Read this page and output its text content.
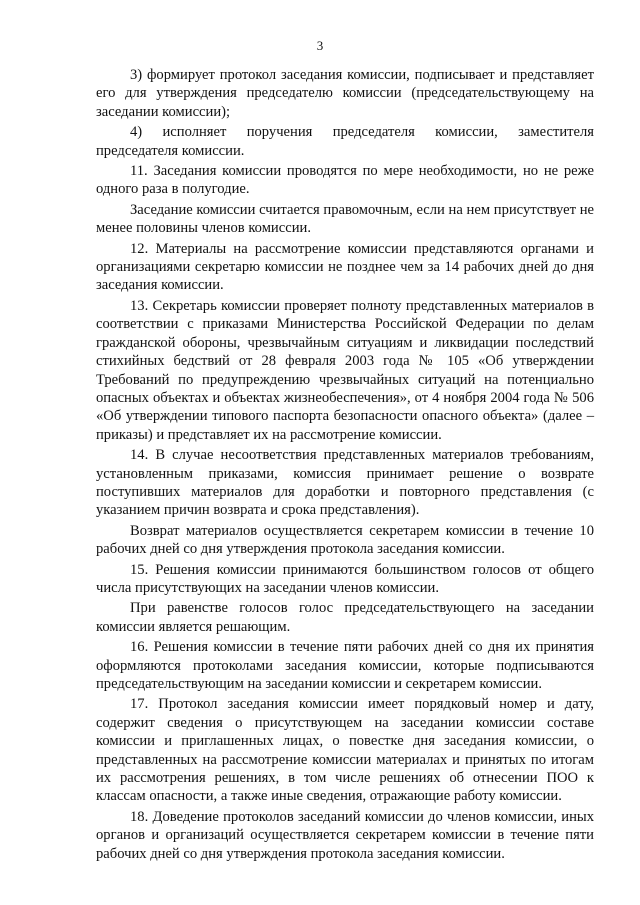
3

3) формирует протокол заседания комиссии, подписывает и представляет его для утверждения председателю комиссии (председательствующему на заседании комиссии);

4) исполняет поручения председателя комиссии, заместителя председателя комиссии.

11. Заседания комиссии проводятся по мере необходимости, но не реже одного раза в полугодие.

Заседание комиссии считается правомочным, если на нем присутствует не менее половины членов комиссии.

12. Материалы на рассмотрение комиссии представляются органами и организациями секретарю комиссии не позднее чем за 14 рабочих дней до дня заседания комиссии.

13. Секретарь комиссии проверяет полноту представленных материалов в соответствии с приказами Министерства Российской Федерации по делам гражданской обороны, чрезвычайным ситуациям и ликвидации последствий стихийных бедствий от 28 февраля 2003 года № 105 «Об утверждении Требований по предупреждению чрезвычайных ситуаций на потенциально опасных объектах и объектах жизнеобеспечения», от 4 ноября 2004 года № 506 «Об утверждении типового паспорта безопасности опасного объекта» (далее – приказы) и представляет их на рассмотрение комиссии.

14. В случае несоответствия представленных материалов требованиям, установленным приказами, комиссия принимает решение о возврате поступивших материалов для доработки и повторного представления (с указанием причин возврата и срока представления).

Возврат материалов осуществляется секретарем комиссии в течение 10 рабочих дней со дня утверждения протокола заседания комиссии.

15. Решения комиссии принимаются большинством голосов от общего числа присутствующих на заседании членов комиссии.

При равенстве голосов голос председательствующего на заседании комиссии является решающим.

16. Решения комиссии в течение пяти рабочих дней со дня их принятия оформляются протоколами заседания комиссии, которые подписываются председательствующим на заседании комиссии и секретарем комиссии.

17. Протокол заседания комиссии имеет порядковый номер и дату, содержит сведения о присутствующем на заседании комиссии составе комиссии и приглашенных лицах, о повестке дня заседания комиссии, о представленных на рассмотрение комиссии материалах и принятых по итогам их рассмотрения решениях, в том числе решениях об отнесении ПОО к классам опасности, а также иные сведения, отражающие работу комиссии.

18. Доведение протоколов заседаний комиссии до членов комиссии, иных органов и организаций осуществляется секретарем комиссии в течение пяти рабочих дней со дня утверждения протокола заседания комиссии.
